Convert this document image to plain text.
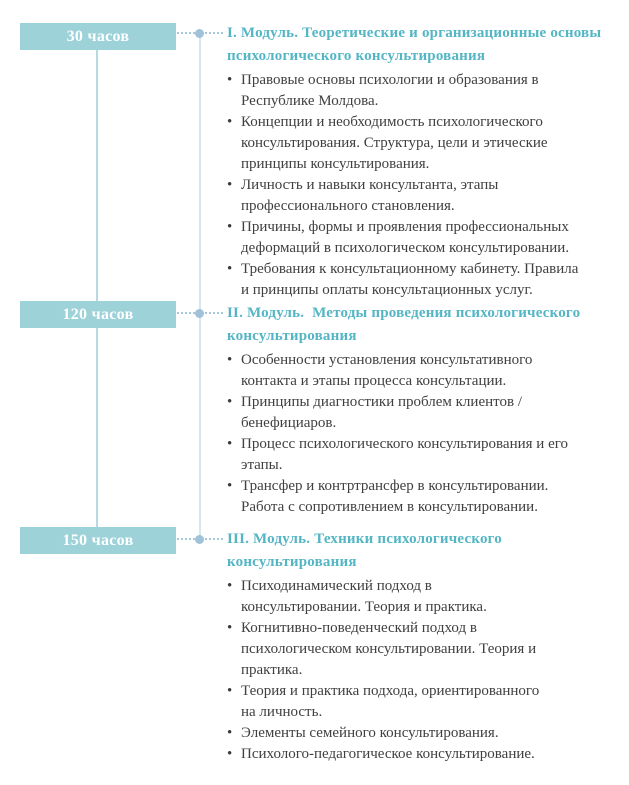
30 часов	I. Модуль. Теоретические и организационные основы
психологического консультирования
• Правовые основы психологии и образования в
Республике Молдова.
• Концепции и необходимость психологического
консультирования. Структура, цели и этические
принципы консультирования.
• Личность и навыки консультанта, этапы
профессионального становления.
• Причины, формы и проявления профессиональных
деформаций в психологическом консультировании.
• Требования к консультационному кабинету. Правила
и принципы оплаты консультационных услуг.
120 часов	II. Модуль.  Методы проведения психологического
консультирования
• Особенности установления консультативного
контакта и этапы процесса консультации.
• Принципы диагностики проблем клиентов /
бенефициаров.
• Процесс психологического консультирования и его
этапы.
• Трансфер и контртрансфер в консультировании.
Работа с сопротивлением в консультировании.
150 часов	III. Модуль. Техники психологического
консультирования
• Психодинамический подход в
консультировании. Теория и практика.
• Когнитивно-поведенческий подход в
психологическом консультировании. Теория и
практика.
• Теория и практика подхода, ориентированного
на личность.
• Элементы семейного консультирования.
• Психолого-педагогическое консультирование.
